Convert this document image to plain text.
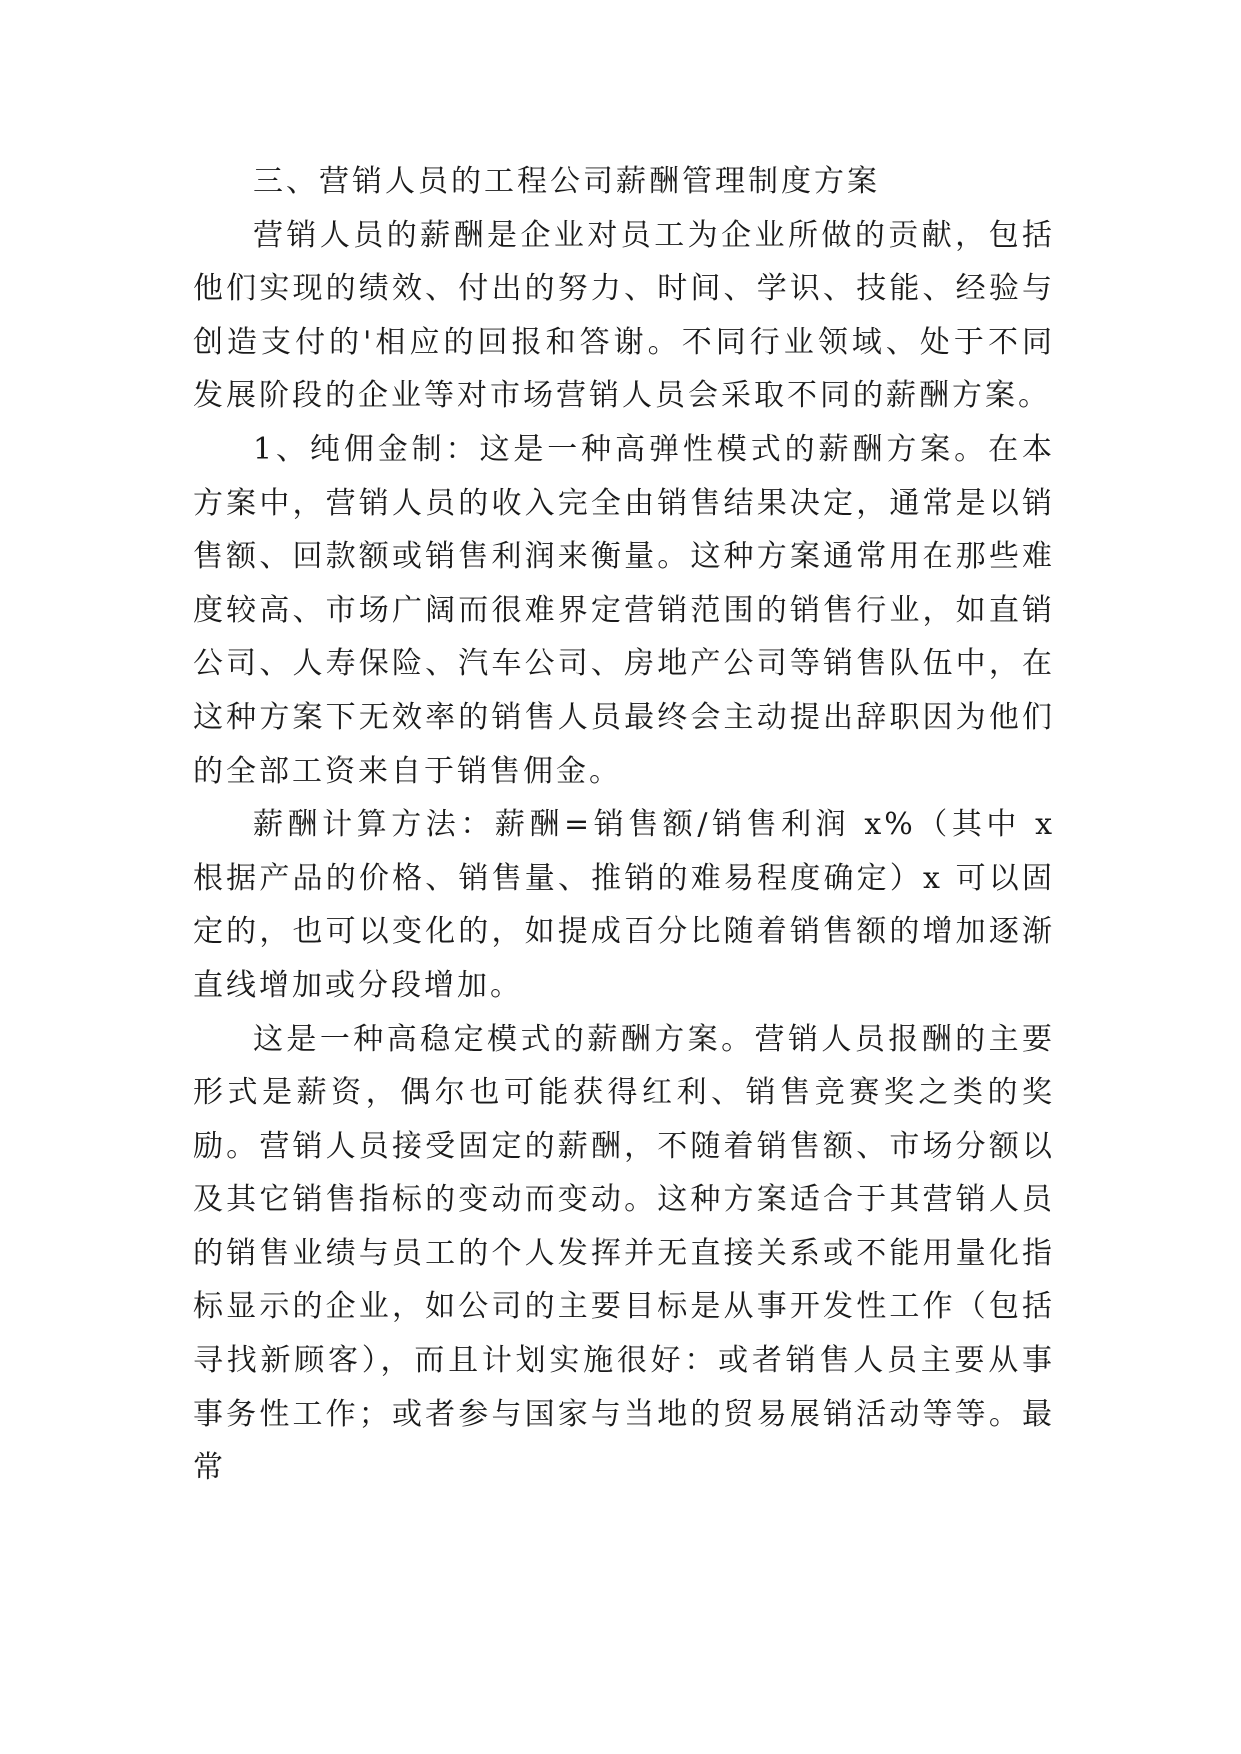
三、营销人员的工程公司薪酬管理制度方案

营销人员的薪酬是企业对员工为企业所做的贡献，包括他们实现的绩效、付出的努力、时间、学识、技能、经验与创造支付的'相应的回报和答谢。不同行业领域、处于不同发展阶段的企业等对市场营销人员会采取不同的薪酬方案。

1、纯佣金制：这是一种高弹性模式的薪酬方案。在本方案中，营销人员的收入完全由销售结果决定，通常是以销售额、回款额或销售利润来衡量。这种方案通常用在那些难度较高、市场广阔而很难界定营销范围的销售行业，如直销公司、人寿保险、汽车公司、房地产公司等销售队伍中，在这种方案下无效率的销售人员最终会主动提出辞职因为他们的全部工资来自于销售佣金。

薪酬计算方法：薪酬=销售额/销售利润 x%（其中 x 根据产品的价格、销售量、推销的难易程度确定）x 可以固定的，也可以变化的，如提成百分比随着销售额的增加逐渐直线增加或分段增加。

这是一种高稳定模式的薪酬方案。营销人员报酬的主要形式是薪资，偶尔也可能获得红利、销售竞赛奖之类的奖励。营销人员接受固定的薪酬，不随着销售额、市场分额以及其它销售指标的变动而变动。这种方案适合于其营销人员的销售业绩与员工的个人发挥并无直接关系或不能用量化指标显示的企业，如公司的主要目标是从事开发性工作（包括寻找新顾客），而且计划实施很好：或者销售人员主要从事事务性工作；或者参与国家与当地的贸易展销活动等等。最常
